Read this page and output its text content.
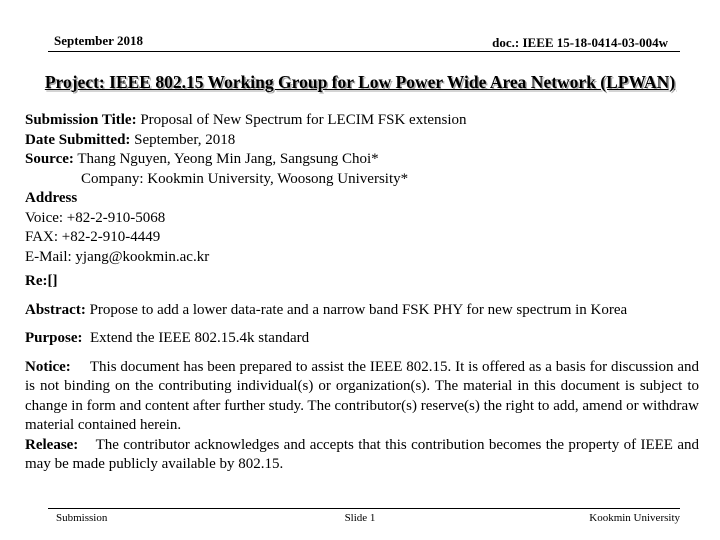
September 2018	doc.: IEEE 15-18-0414-03-004w
Project: IEEE 802.15 Working Group for Low Power Wide Area Network (LPWAN)
Submission Title: Proposal of New Spectrum for LECIM FSK extension
Date Submitted: September, 2018
Source: Thang Nguyen, Yeong Min Jang, Sangsung Choi*
Company: Kookmin University, Woosong University*
Address
Voice: +82-2-910-5068
FAX: +82-2-910-4449
E-Mail: yjang@kookmin.ac.kr
Re:[]
Abstract: Propose to add a lower data-rate and a narrow band FSK PHY for new spectrum in Korea
Purpose: Extend the IEEE 802.15.4k standard
Notice: This document has been prepared to assist the IEEE 802.15. It is offered as a basis for discussion and is not binding on the contributing individual(s) or organization(s). The material in this document is subject to change in form and content after further study. The contributor(s) reserve(s) the right to add, amend or withdraw material contained herein.
Release: The contributor acknowledges and accepts that this contribution becomes the property of IEEE and may be made publicly available by 802.15.
Submission	Slide 1	Kookmin University
